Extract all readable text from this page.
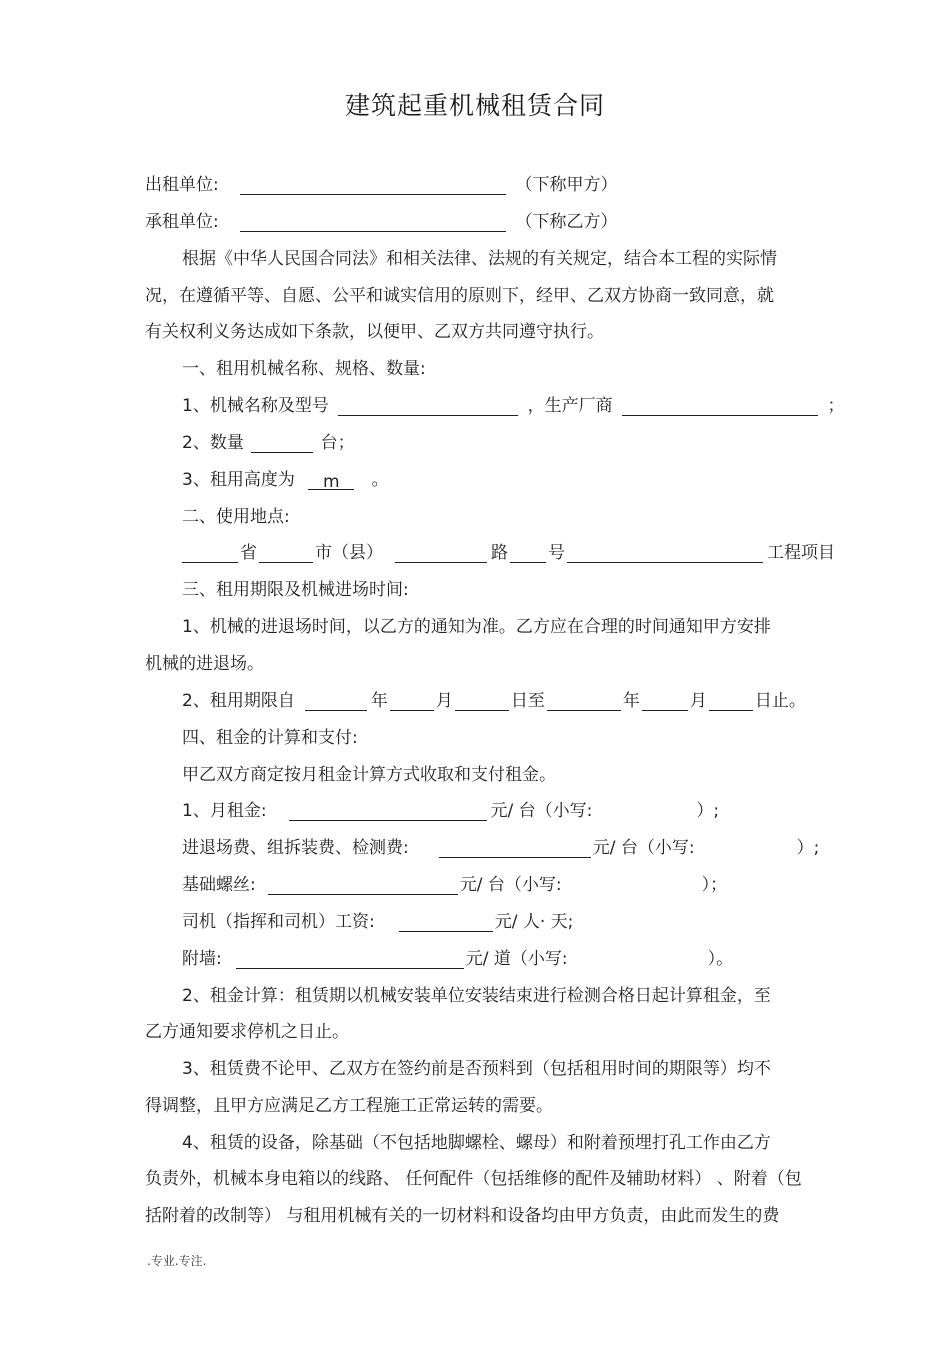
建筑起重机械租赁合同
出租单位:	（下称甲方）
承租单位:	（下称乙方）
根据《中华人民国合同法》和相关法律、法规的有关规定，结合本工程的实际情
况，在遵循平等、自愿、公平和诚实信用的原则下，经甲、乙双方协商一致同意，就
有关权利义务达成如下条款，以便甲、乙双方共同遵守执行。
一、租用机械名称、规格、数量:
1、机械名称及型号	，生产厂商	；
2、数量	台；
3、租用高度为 m 。
二、使用地点:
省	市（县）	路 号	工程项目
三、租用期限及机械进场时间:
1、机械的进退场时间，以乙方的通知为准。乙方应在合理的时间通知甲方安排
机械的进退场。
2、租用期限自	年	月	日至	年	月	日止。
四、租金的计算和支付:
甲乙双方商定按月租金计算方式收取和支付租金。
1、月租金:	元/ 台（小写:	）;
进退场费、组拆装费、检测费:	元/ 台（小写:	）;
基础螺丝:	元/ 台（小写:	）；
司机（指挥和司机）工资:	元/ 人· 天;
附墙:	元/ 道（小写:	）。
2、租金计算：租赁期以机械安装单位安装结束进行检测合格日起计算租金，至
乙方通知要求停机之日止。
3、租赁费不论甲、乙双方在签约前是否预料到（包括租用时间的期限等）均不
得调整，且甲方应满足乙方工程施工正常运转的需要。
4、租赁的设备，除基础（不包括地脚螺栓、螺母）和附着预埋打孔工作由乙方
负责外，机械本身电箱以的线路、 任何配件（包括维修的配件及辅助材料） 、附着（包
括附着的改制等） 与租用机械有关的一切材料和设备均由甲方负责，由此而发生的费
.专业.专注.
